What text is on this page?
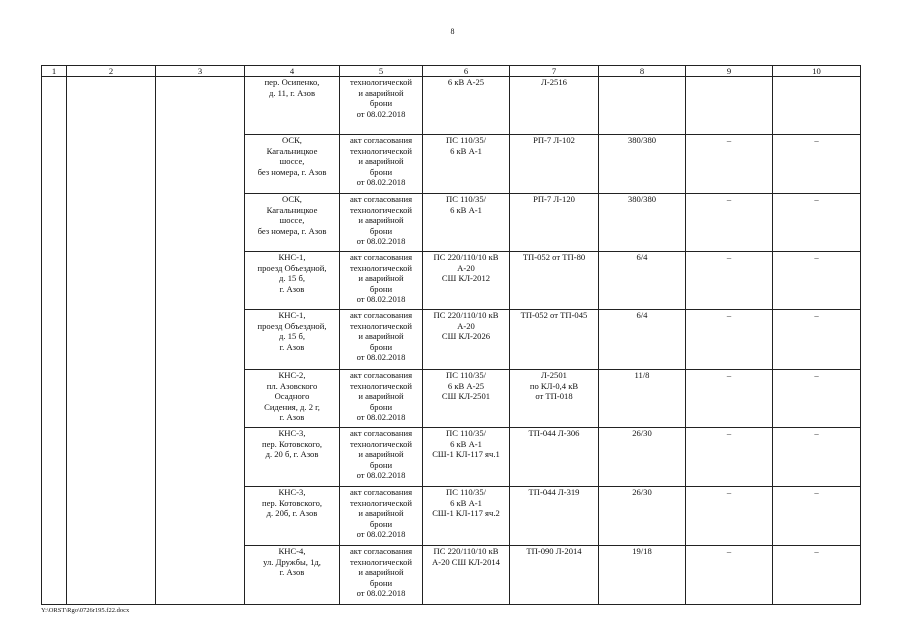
8
1	2	3	4	5	6	7	8	9	10

			пер. Осипенко,
д. 11, г. Азов	технологической
и аварийной
брони
от 08.02.2018	6 кВ А-25	Л-2516			

			ОСК,
Кагальницкое
шоссе,
без номера, г. Азов	акт согласования
технологической
и аварийной
брони
от 08.02.2018	ПС 110/35/
6 кВ А-1	РП-7 Л-102	380/380	–	–

			ОСК,
Кагальницкое
шоссе,
без номера, г. Азов	акт согласования
технологической
и аварийной
брони
от 08.02.2018	ПС 110/35/
6 кВ А-1	РП-7 Л-120	380/380	–	–

			КНС-1,
проезд Объездной,
д. 15 б,
г. Азов	акт согласования
технологической
и аварийной
брони
от 08.02.2018	ПС 220/110/10 кВ
А-20
СШ КЛ-2012	ТП-052 от ТП-80	6/4	–	–

			КНС-1,
проезд Объездной,
д. 15 б,
г. Азов	акт согласования
технологической
и аварийной
брони
от 08.02.2018	ПС 220/110/10 кВ
А-20
СШ КЛ-2026	ТП-052 от ТП-045	6/4	–	–

			КНС-2,
пл. Азовского
Осадного
Сидения, д. 2 г,
г. Азов	акт согласования
технологической
и аварийной
брони
от 08.02.2018	ПС 110/35/
6 кВ А-25
СШ КЛ-2501	Л-2501
по КЛ-0,4 кВ
от ТП-018	11/8	–	–

			КНС-3,
пер. Котовского,
д. 20 б, г. Азов	акт согласования
технологической
и аварийной
брони
от 08.02.2018	ПС 110/35/
6 кВ А-1
СШ-1 КЛ-117 яч.1	ТП-044 Л-306	26/30	–	–

			КНС-3,
пер. Котовского,
д. 20б, г. Азов	акт согласования
технологической
и аварийной
брони
от 08.02.2018	ПС 110/35/
6 кВ А-1
СШ-1 КЛ-117 яч.2	ТП-044 Л-319	26/30	–	–

			КНС-4,
ул. Дружбы, 1д,
г. Азов	акт согласования
технологической
и аварийной
брони
от 08.02.2018	ПС 220/110/10 кВ
А-20 СШ КЛ-2014	ТП-090 Л-2014	19/18	–	–
Y:\ORST\Rgo\0726r195.f22.docx
